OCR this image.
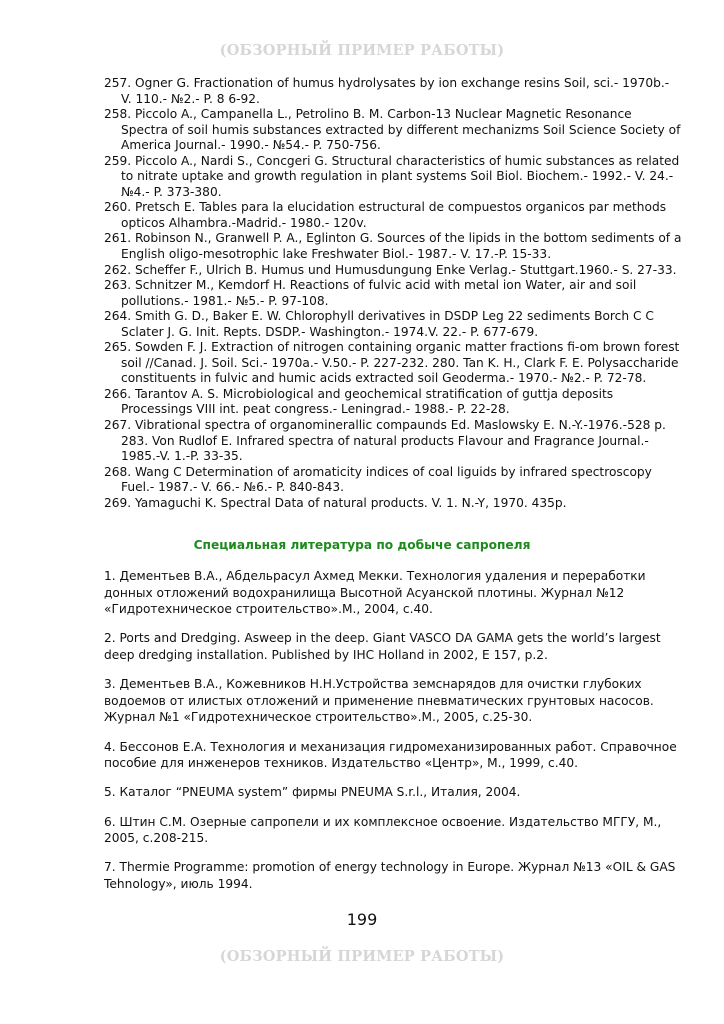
(ОБЗОРНЫЙ ПРИМЕР РАБОТЫ)
257. Ogner G. Fractionation of humus hydrolysates by ion exchange resins Soil, sci.- 1970b.- V. 110.- №2.- P. 8 6-92.
258. Piccolo A., Campanella L., Petrolino B. M. Carbon-13 Nuclear Magnetic Resonance Spectra of soil humis substances extracted by different mechanizms Soil Science Society of America Journal.- 1990.- №54.- P. 750-756.
259. Piccolo A., Nardi S., Concgeri G. Structural characteristics of humic substances as related to nitrate uptake and growth regulation in plant systems Soil Biol. Biochem.- 1992.- V. 24.- №4.- P. 373-380.
260. Pretsch E. Tables para la elucidation estructural de compuestos organicos par methods opticos Alhambra.-Madrid.- 1980.- 120v.
261. Robinson N., Granwell P. A., Eglinton G. Sources of the lipids in the bottom sediments of a English oligo-mesotrophic lake Freshwater Biol.- 1987.- V. 17.-P. 15-33.
262. Scheffer F., Ulrich B. Humus und Humusdungung Enke Verlag.- Stuttgart.1960.- S. 27-33.
263. Schnitzer M., Kemdorf H. Reactions of fulvic acid with metal ion Water, air and soil pollutions.- 1981.- №5.- P. 97-108.
264. Smith G. D., Baker E. W. Chlorophyll derivatives in DSDP Leg 22 sediments Borch C C Sclater J. G. Init. Repts. DSDP.- Washington.- 1974.V. 22.- P. 677-679.
265. Sowden F. J. Extraction of nitrogen containing organic matter fractions fi-om brown forest soil //Canad. J. Soil. Sci.- 1970a.- V.50.- P. 227-232. 280. Tan K. H., Clark F. E. Polysaccharide constituents in fulvic and humic acids extracted soil Geoderma.- 1970.- №2.- P. 72-78.
266. Tarantov A. S. Microbiological and geochemical stratification of guttja deposits Processings VIII int. peat congress.- Leningrad.- 1988.- P. 22-28.
267. Vibrational spectra of organominerallic compaunds Ed. Maslowsky E. N.-Y.-1976.-528 p. 283. Von Rudlof E. Infrared spectra of natural products Flavour and Fragrance Journal.- 1985.-V. 1.-P. 33-35.
268. Wang C Determination of aromaticity indices of coal liguids by infrared spectroscopy Fuel.- 1987.- V. 66.- №6.- P. 840-843.
269. Yamaguchi K. Spectral Data of natural products. V. 1. N.-Y, 1970. 435p.
Специальная литература по добыче сапропеля

1. Дементьев В.А., Абдельрасул Ахмед Мекки. Технология удаления и переработки донных отложений водохранилища Высотной Асуанской плотины. Журнал №12 «Гидротехническое строительство».М., 2004, с.40.

2. Ports and Dredging. Asweep in the deep. Giant VASCO DA GAMA gets the world’s largest deep dredging installation. Published by IHC Holland in 2002, E 157, p.2.

3. Дементьев В.А., Кожевников Н.Н.Устройства земснарядов для очистки глубоких водоемов от илистых отложений и применение пневматических грунтовых насосов. Журнал №1 «Гидротехническое строительство».М., 2005, с.25-30.

4. Бессонов Е.А. Технология и механизация гидромеханизированных работ. Справочное пособие для инженеров техников. Издательство «Центр», М., 1999, с.40.

5. Каталог “PNEUMA system” фирмы PNEUMA S.r.l., Италия, 2004.

6. Штин С.М. Озерные сапропели и их комплексное освоение. Издательство МГГУ, М., 2005, с.208-215.

7. Thermie Programme: promotion of energy technology in Europe. Журнал №13 «OIL & GAS Tehnology», июль 1994.

199
(ОБЗОРНЫЙ ПРИМЕР РАБОТЫ)
